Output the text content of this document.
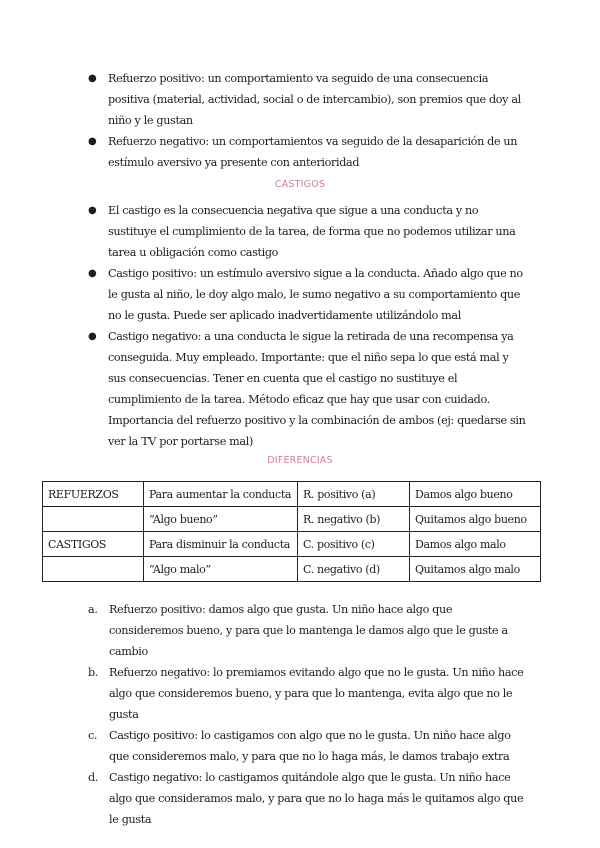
●	Refuerzo positivo: un comportamiento va seguido de una consecuencia positiva (material, actividad, social o de intercambio), son premios que doy al niño y le gustan
●	Refuerzo negativo: un comportamientos va seguido de la desaparición de un estímulo aversivo ya presente con anterioridad
CASTIGOS
●	El castigo es la consecuencia negativa que sigue a una conducta y no sustituye el cumplimiento de la tarea, de forma que no podemos utilizar una tarea u obligación como castigo
●	Castigo positivo: un estímulo aversivo sigue a la conducta. Añado algo que no le gusta al niño, le doy algo malo, le sumo negativo a su comportamiento que no le gusta. Puede ser aplicado inadvertidamente utilizándolo mal
●	Castigo negativo: a una conducta le sigue la retirada de una recompensa ya conseguida. Muy empleado. Importante: que el niño sepa lo que está mal y sus consecuencias. Tener en cuenta que el castigo no sustituye el cumplimiento de la tarea. Método eficaz que hay que usar con cuidado. Importancia del refuerzo positivo y la combinación de ambos (ej: quedarse sin ver la TV por portarse mal)
DIFERENCIAS
REFUERZOS	Para aumentar la conducta	R. positivo (a)	Damos algo bueno
	“Algo bueno”	R. negativo (b)	Quitamos algo bueno
CASTIGOS	Para disminuir la conducta	C. positivo (c)	Damos algo malo
	“Algo malo”	C. negativo (d)	Quitamos algo malo
a. Refuerzo positivo: damos algo que gusta. Un niño hace algo que consideremos bueno, y para que lo mantenga le damos algo que le guste a cambio
b. Refuerzo negativo: lo premiamos evitando algo que no le gusta. Un niño hace algo que consideremos bueno, y para que lo mantenga, evita algo que no le gusta
c. Castigo positivo: lo castigamos con algo que no le gusta. Un niño hace algo que consideremos malo, y para que no lo haga más, le damos trabajo extra
d. Castigo negativo: lo castigamos quitándole algo que le gusta. Un niño hace algo que consideramos malo, y para que no lo haga más le quitamos algo que le gusta
